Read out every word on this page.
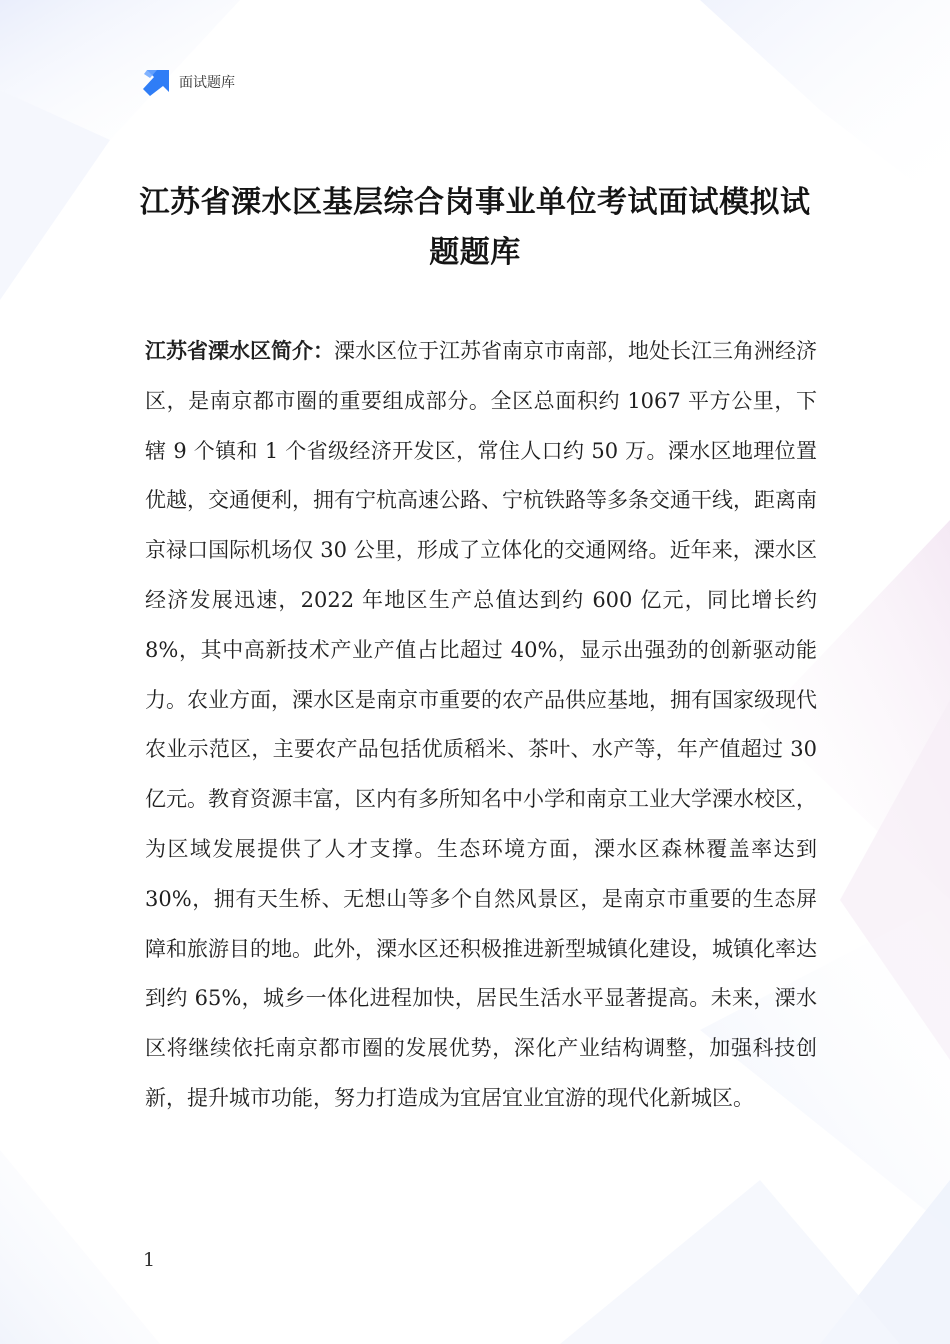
面试题库
江苏省溧水区基层综合岗事业单位考试面试模拟试题题库
江苏省溧水区简介：溧水区位于江苏省南京市南部，地处长江三角洲经济区，是南京都市圈的重要组成部分。全区总面积约 1067 平方公里，下辖 9 个镇和 1 个省级经济开发区，常住人口约 50 万。溧水区地理位置优越，交通便利，拥有宁杭高速公路、宁杭铁路等多条交通干线，距离南京禄口国际机场仅 30 公里，形成了立体化的交通网络。近年来，溧水区经济发展迅速，2022 年地区生产总值达到约 600 亿元，同比增长约 8%，其中高新技术产业产值占比超过 40%，显示出强劲的创新驱动能力。农业方面，溧水区是南京市重要的农产品供应基地，拥有国家级现代农业示范区，主要农产品包括优质稻米、茶叶、水产等，年产值超过 30 亿元。教育资源丰富，区内有多所知名中小学和南京工业大学溧水校区，为区域发展提供了人才支撑。生态环境方面，溧水区森林覆盖率达到 30%，拥有天生桥、无想山等多个自然风景区，是南京市重要的生态屏障和旅游目的地。此外，溧水区还积极推进新型城镇化建设，城镇化率达到约 65%，城乡一体化进程加快，居民生活水平显著提高。未来，溧水区将继续依托南京都市圈的发展优势，深化产业结构调整，加强科技创新，提升城市功能，努力打造成为宜居宜业宜游的现代化新城区。
1
